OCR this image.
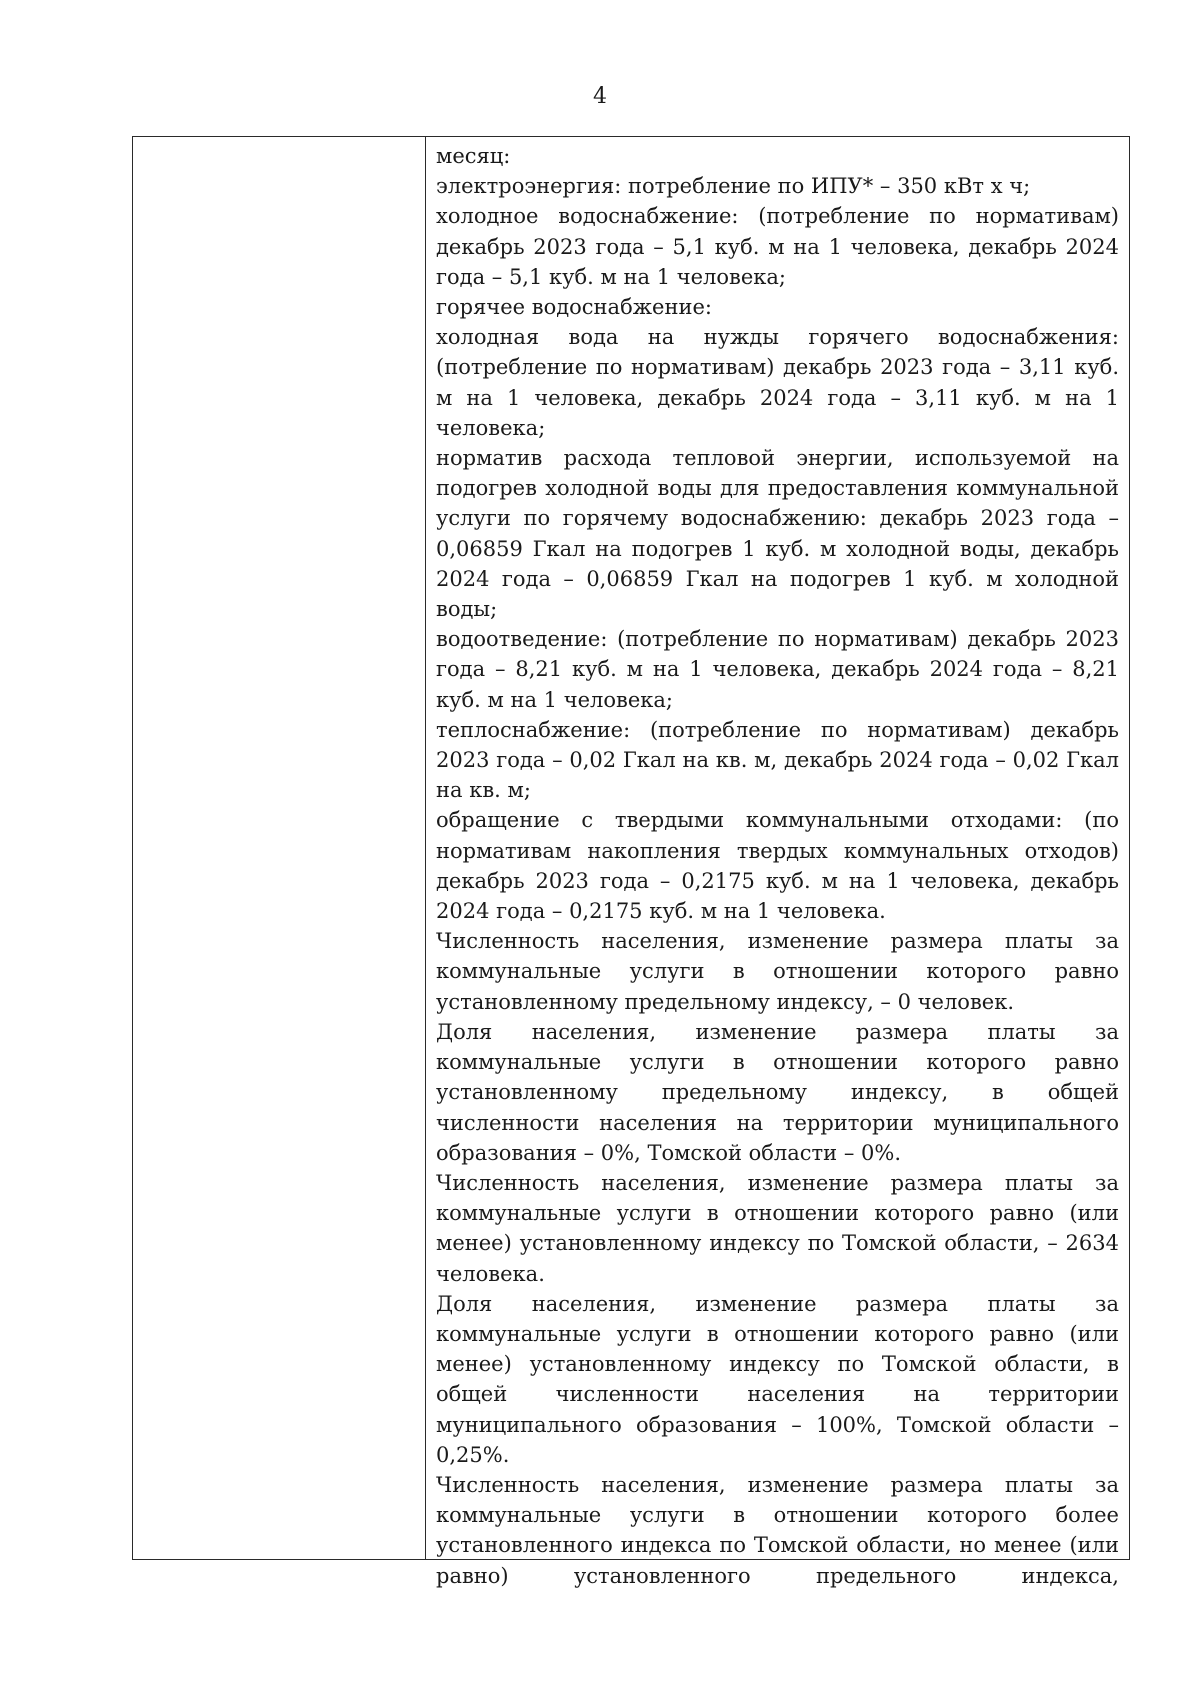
4

месяц:

электроэнергия: потребление по ИПУ* – 350 кВт х ч;

холодное водоснабжение: (потребление по нормативам) декабрь 2023 года – 5,1 куб. м на 1 человека, декабрь 2024 года – 5,1 куб. м на 1 человека;

горячее водоснабжение:

холодная вода на нужды горячего водоснабжения: (потребление по нормативам) декабрь 2023 года – 3,11 куб. м на 1 человека, декабрь 2024 года – 3,11 куб. м на 1 человека;

норматив расхода тепловой энергии, используемой на подогрев холодной воды для предоставления коммунальной услуги по горячему водоснабжению: декабрь 2023 года – 0,06859 Гкал на подогрев 1 куб. м холодной воды, декабрь 2024 года – 0,06859 Гкал на подогрев 1 куб. м холодной воды;

водоотведение: (потребление по нормативам) декабрь 2023 года – 8,21 куб. м на 1 человека, декабрь 2024 года – 8,21 куб. м на 1 человека;

теплоснабжение: (потребление по нормативам) декабрь 2023 года – 0,02 Гкал на кв. м, декабрь 2024 года – 0,02 Гкал на кв. м;

обращение с твердыми коммунальными отходами: (по нормативам накопления твердых коммунальных отходов) декабрь 2023 года – 0,2175 куб. м на 1 человека, декабрь 2024 года – 0,2175 куб. м на 1 человека.

Численность населения, изменение размера платы за коммунальные услуги в отношении которого равно установленному предельному индексу, – 0 человек.

Доля населения, изменение размера платы за коммунальные услуги в отношении которого равно установленному предельному индексу, в общей численности населения на территории муниципального образования – 0%, Томской области – 0%.

Численность населения, изменение размера платы за коммунальные услуги в отношении которого равно (или менее) установленному индексу по Томской области, – 2634 человека.

Доля населения, изменение размера платы за коммунальные услуги в отношении которого равно (или менее) установленному индексу по Томской области, в общей численности населения на территории муниципального образования – 100%, Томской области – 0,25%.

Численность населения, изменение размера платы за коммунальные услуги в отношении которого более установленного индекса по Томской области, но менее (или равно) установленного предельного индекса,
